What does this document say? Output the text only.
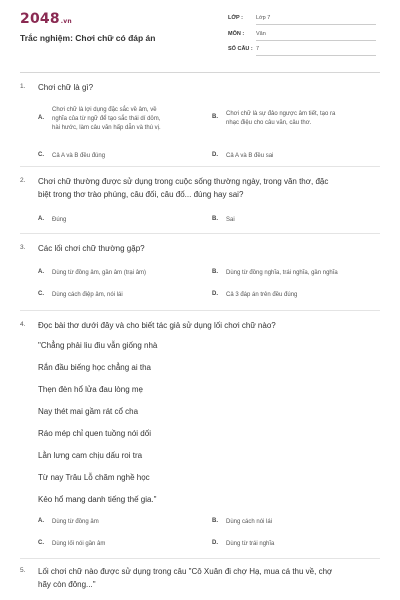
2048.vn
Trắc nghiệm: Chơi chữ có đáp án
LỚP : Lớp 7
MÔN : Văn
SỐ CÂU : 7
1. Chơi chữ là gì?
A.
Chơi chữ là lợi dụng đặc sắc về âm, về
nghĩa của từ ngữ để tạo sắc thái dí dỏm,
hài hước, làm câu văn hấp dẫn và thú vị.
B. Chơi chữ là sự đảo ngược âm tiết, tạo ra
nhạc điệu cho câu văn, câu thơ.
C. Cả A và B đều đúng	D. Cả A và B đều sai
2. Chơi chữ thường được sử dụng trong cuộc sống thường ngày, trong văn thơ, đặc
biệt trong thơ trào phúng, câu đối, câu đố... đúng hay sai?
A. Đúng	B. Sai
3. Các lối chơi chữ thường gặp?
A. Dùng từ đồng âm, gần âm (trại âm)	B. Dùng từ đồng nghĩa, trái nghĩa, gần nghĩa
C. Dùng cách điệp âm, nói lái	D. Cả 3 đáp án trên đều đúng
4. Đọc bài thơ dưới đây và cho biết tác giả sử dụng lối chơi chữ nào?
"Chẳng phải liu điu vẫn giống nhà
Rắn đầu biếng học chẳng ai tha
Thẹn đèn hổ lửa đau lòng mẹ
Nay thét mai gầm rát cổ cha
Ráo mép chỉ quen tuồng nói dối
Lằn lưng cam chịu dấu roi tra
Từ nay Trâu Lỗ chăm nghề học
Kẻo hổ mang danh tiếng thế gia."
A. Dùng từ đồng âm	B. Dùng cách nói lái
C. Dùng lối nói gần âm	D. Dùng từ trái nghĩa
5. Lối chơi chữ nào được sử dụng trong câu "Cô Xuân đi chợ Hạ, mua cá thu về, chợ
hãy còn đông..."
